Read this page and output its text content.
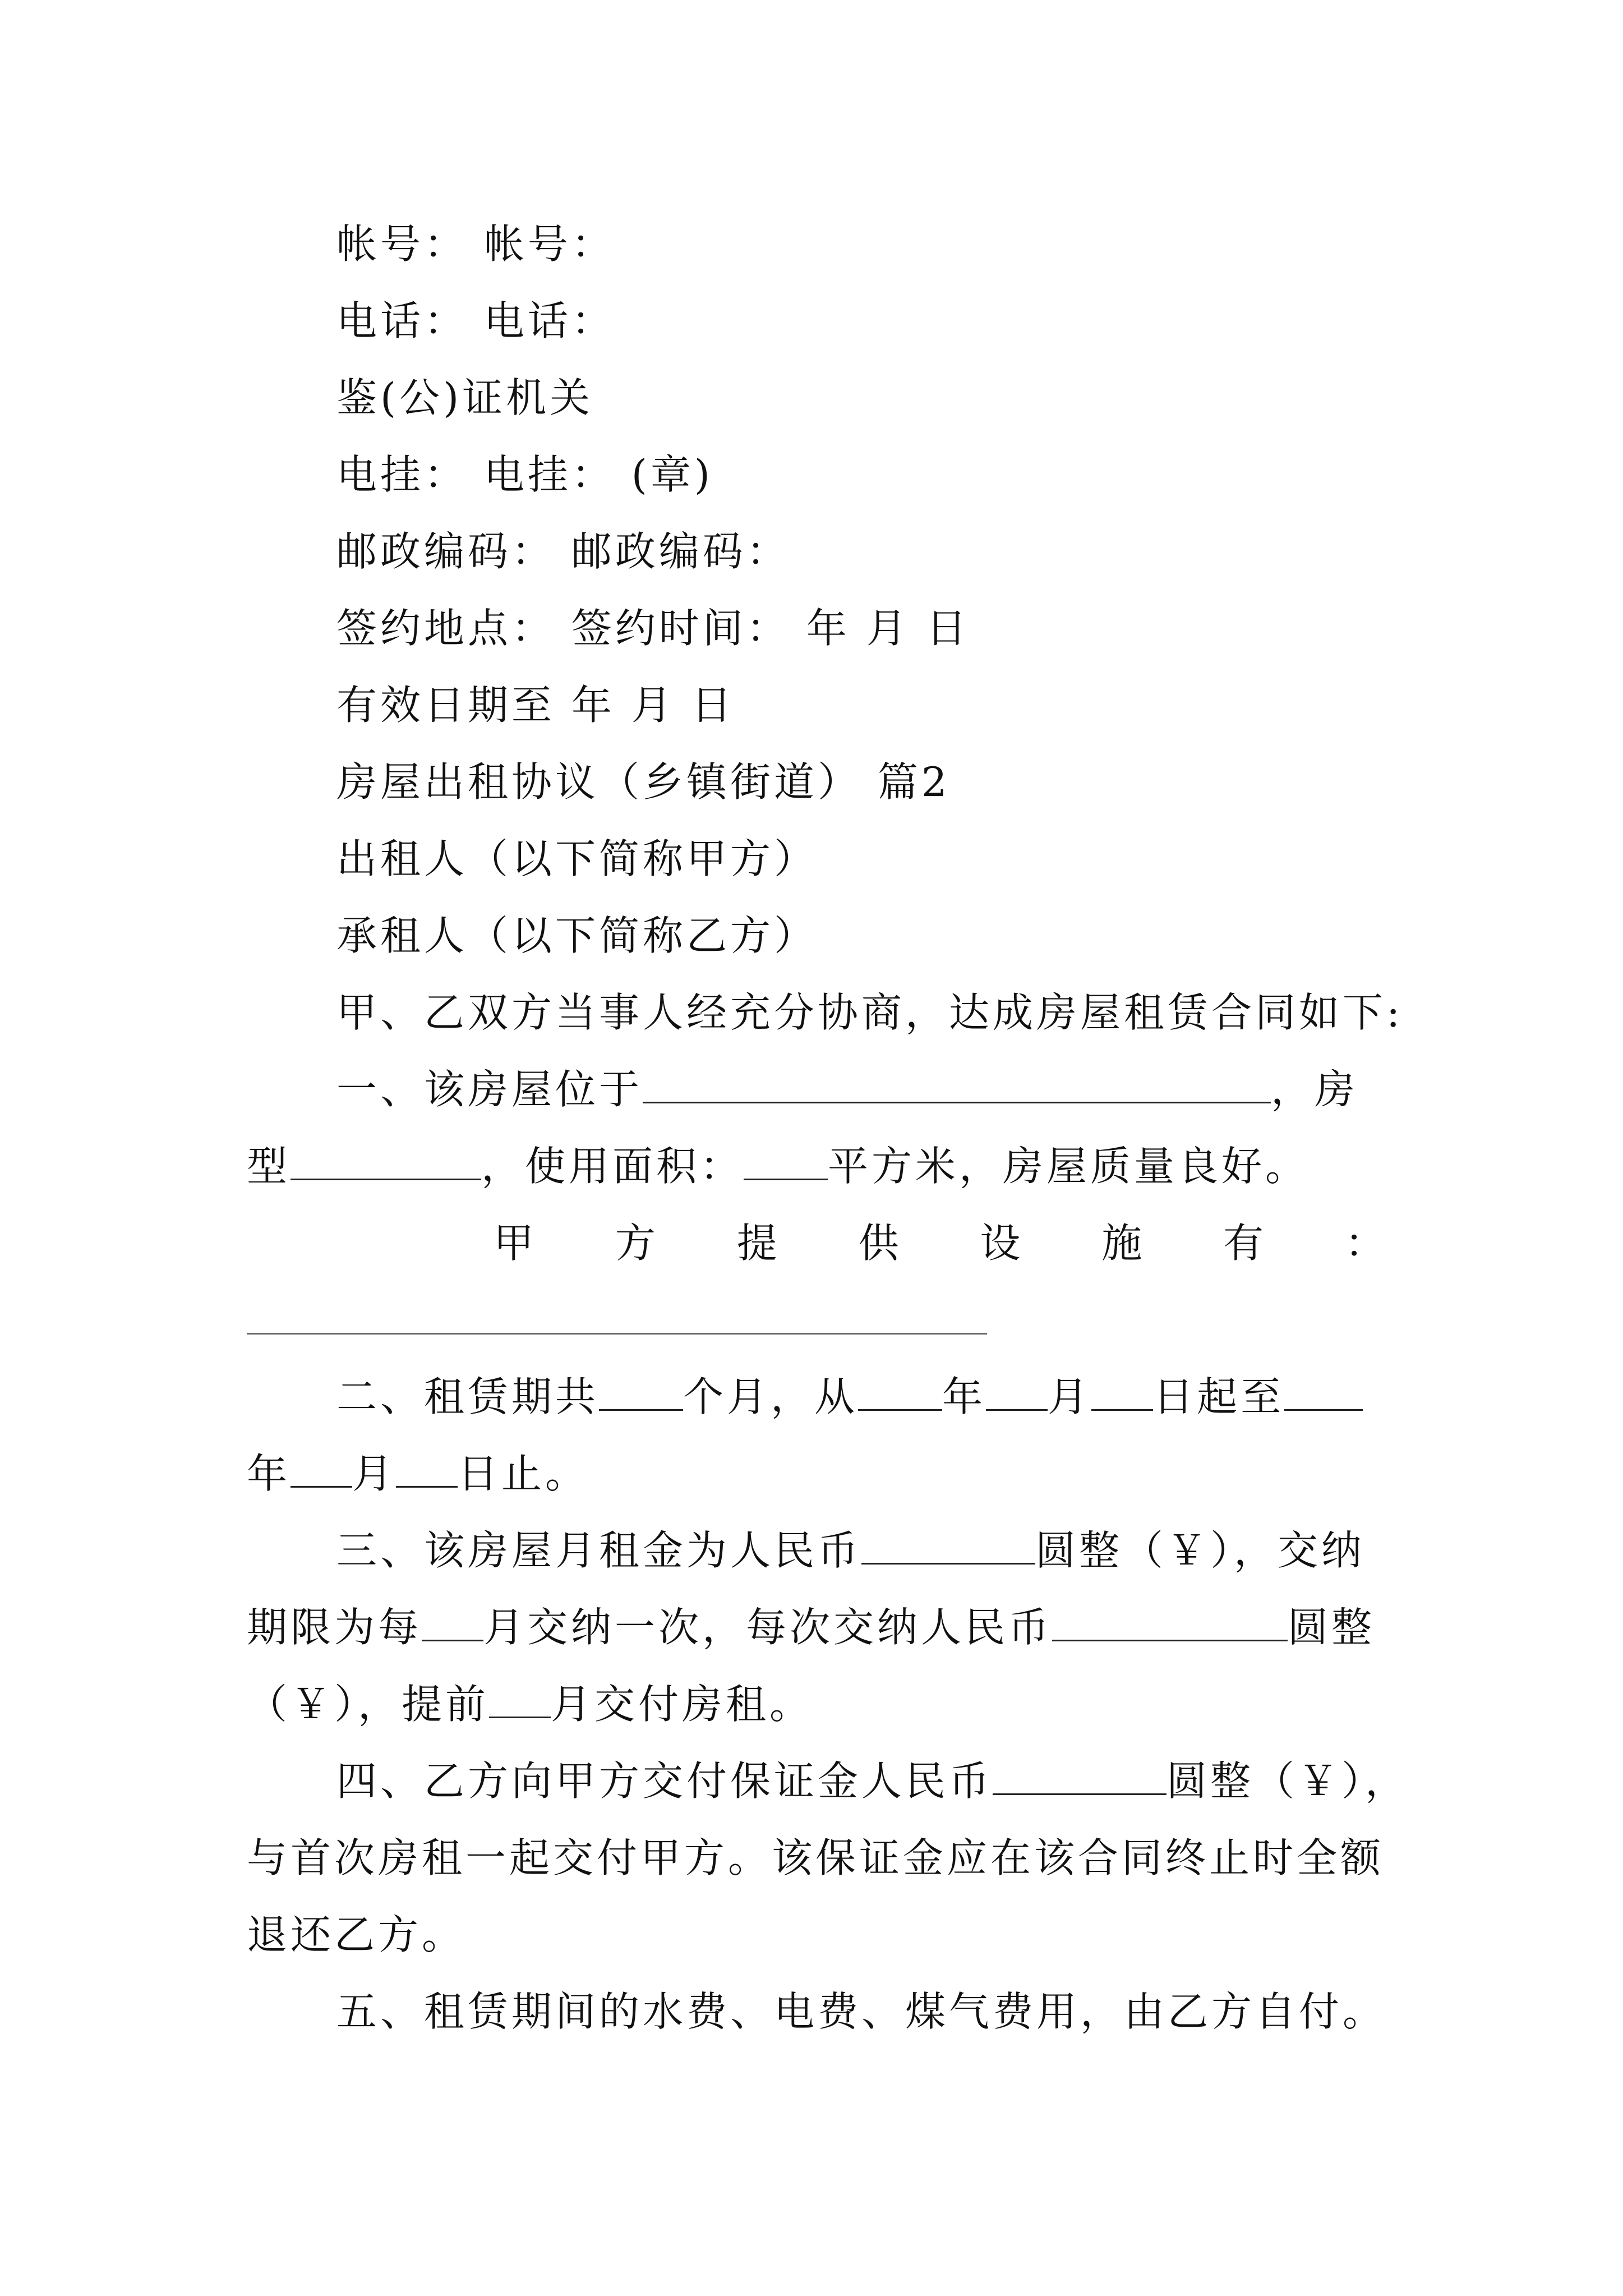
帐号： 帐号：
电话： 电话：
鉴(公)证机关
电挂： 电挂： (章)
邮政编码： 邮政编码：
签约地点： 签约时间： 年 月 日
有效日期至 年 月 日
房屋出租协议（乡镇街道） 篇2
出租人（以下简称甲方）
承租人（以下简称乙方）
甲、乙双方当事人经充分协商，达成房屋租赁合同如下:
一、该房屋位于	，房
型	，使用面积： 平方米，房屋质量良好。
甲 方 提 供 设 施 有 ：
二、租赁期共 个月，从 年 月 日起至
年 月 日止。
三、该房屋月租金为人民币	圆整（￥），交纳
期限为每 月交纳一次，每次交纳人民币	圆整
（￥），提前 月交付房租。
四、乙方向甲方交付保证金人民币	圆整（￥），
与首次房租一起交付甲方。该保证金应在该合同终止时全额
退还乙方。
五、租赁期间的水费、电费、煤气费用，由乙方自付。
